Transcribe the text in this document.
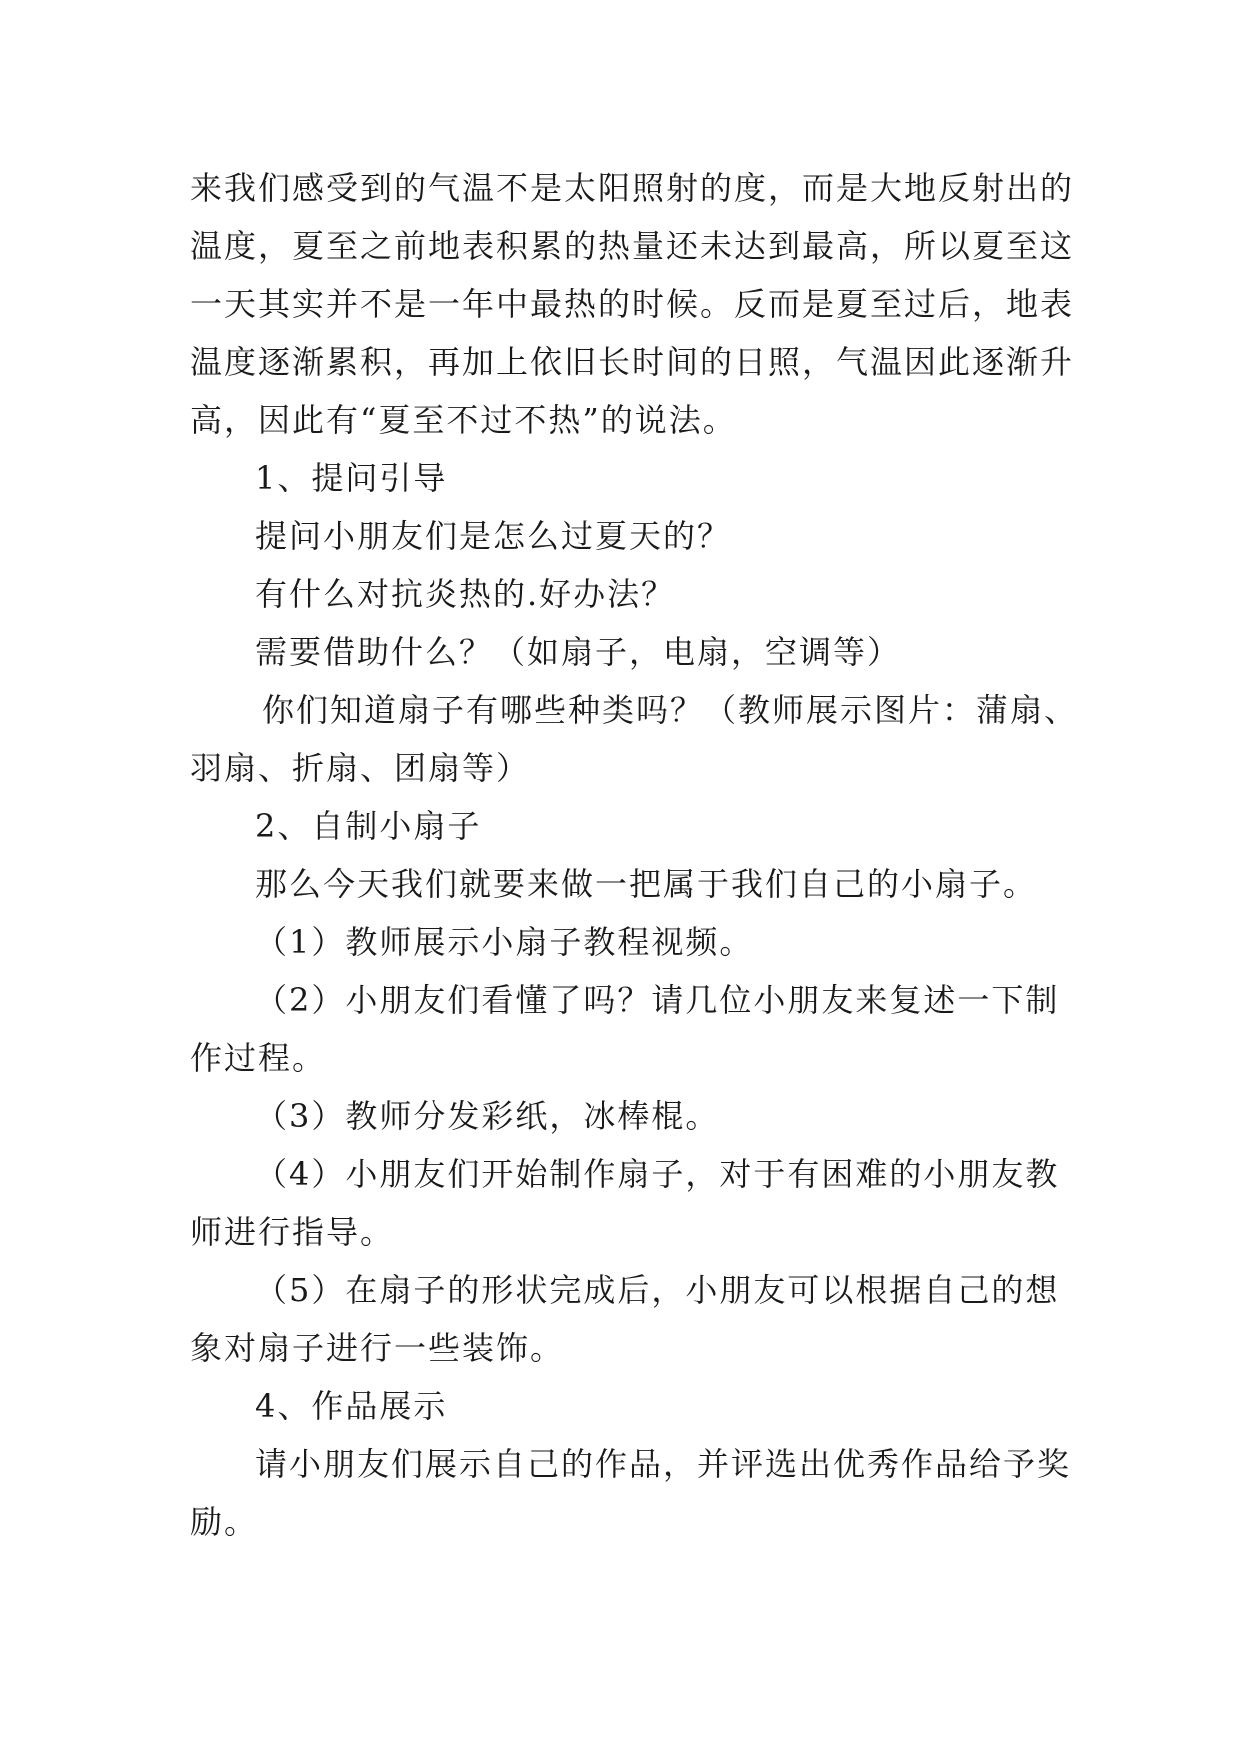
来我们感受到的气温不是太阳照射的度，而是大地反射出的
温度，夏至之前地表积累的热量还未达到最高，所以夏至这
一天其实并不是一年中最热的时候。反而是夏至过后，地表
温度逐渐累积，再加上依旧长时间的日照，气温因此逐渐升
高，因此有“夏至不过不热”的说法。
1、提问引导
提问小朋友们是怎么过夏天的？
有什么对抗炎热的.好办法？
需要借助什么？（如扇子，电扇，空调等）
你们知道扇子有哪些种类吗？（教师展示图片：蒲扇、
羽扇、折扇、团扇等）
2、自制小扇子
那么今天我们就要来做一把属于我们自己的小扇子。
（1）教师展示小扇子教程视频。
（2）小朋友们看懂了吗？请几位小朋友来复述一下制
作过程。
（3）教师分发彩纸，冰棒棍。
（4）小朋友们开始制作扇子，对于有困难的小朋友教
师进行指导。
（5）在扇子的形状完成后，小朋友可以根据自己的想
象对扇子进行一些装饰。
4、作品展示
请小朋友们展示自己的作品，并评选出优秀作品给予奖
励。
